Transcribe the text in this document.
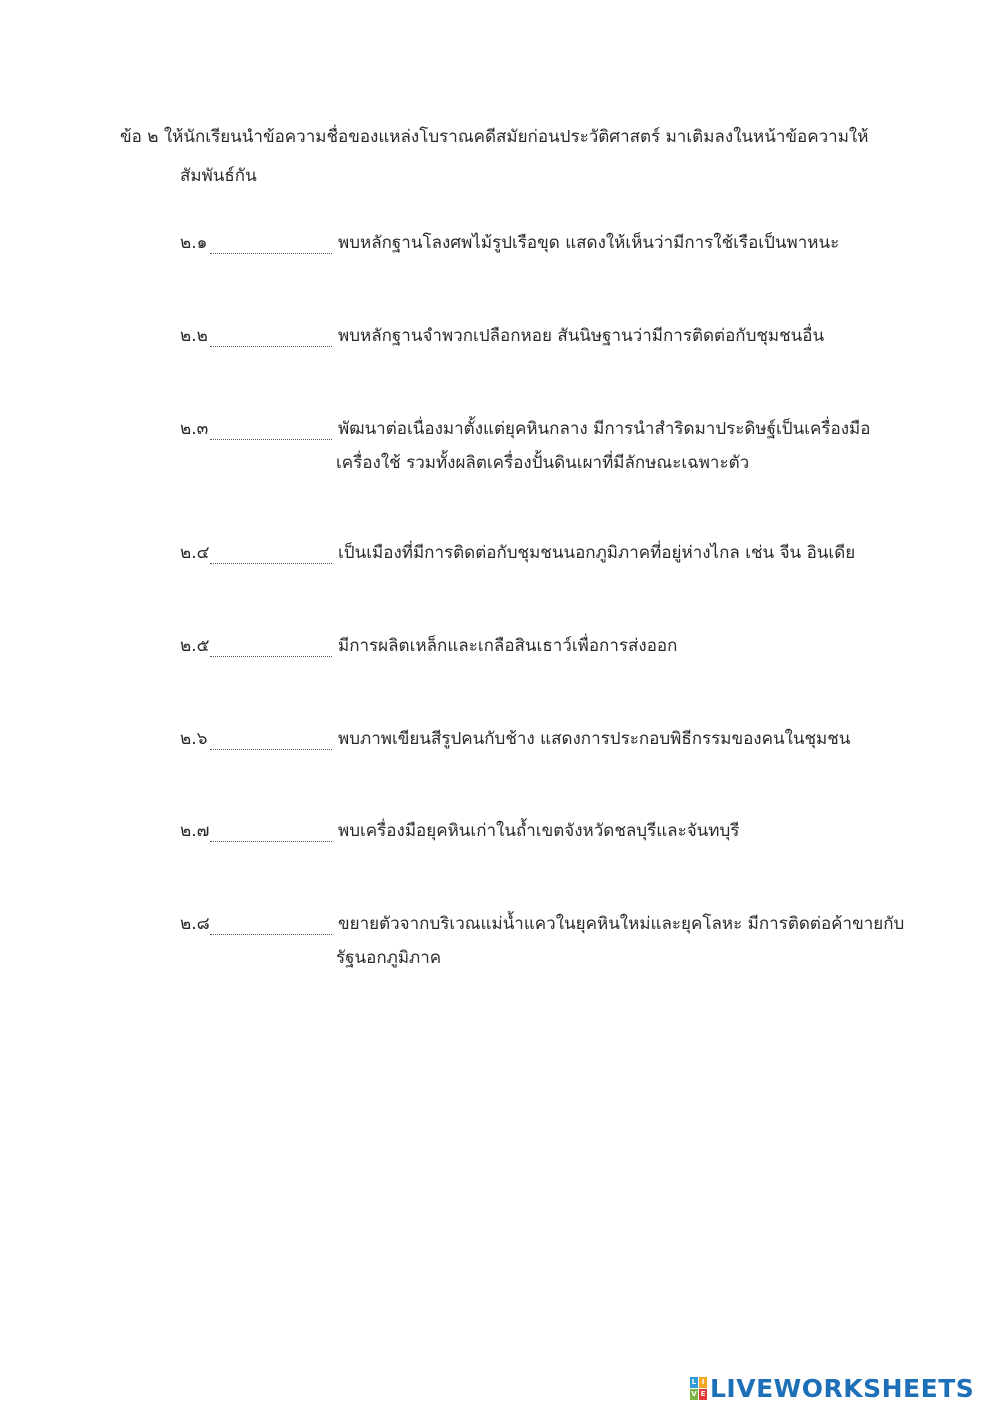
ข้อ ๒ ให้นักเรียนนำข้อความชื่อของแหล่งโบราณคดีสมัยก่อนประวัติศาสตร์ มาเติมลงในหน้าข้อความให้
สัมพันธ์กัน
๒.๑	พบหลักฐานโลงศพไม้รูปเรือขุด แสดงให้เห็นว่ามีการใช้เรือเป็นพาหนะ
๒.๒	พบหลักฐานจำพวกเปลือกหอย สันนิษฐานว่ามีการติดต่อกับชุมชนอื่น
๒.๓	พัฒนาต่อเนื่องมาตั้งแต่ยุคหินกลาง มีการนำสำริดมาประดิษฐ์เป็นเครื่องมือ
เครื่องใช้ รวมทั้งผลิตเครื่องปั้นดินเผาที่มีลักษณะเฉพาะตัว
๒.๔	เป็นเมืองที่มีการติดต่อกับชุมชนนอกภูมิภาคที่อยู่ห่างไกล เช่น จีน อินเดีย
๒.๕	มีการผลิตเหล็กและเกลือสินเธาว์เพื่อการส่งออก
๒.๖	พบภาพเขียนสีรูปคนกับช้าง แสดงการประกอบพิธีกรรมของคนในชุมชน
๒.๗	พบเครื่องมือยุคหินเก่าในถ้ำเขตจังหวัดชลบุรีและจันทบุรี
๒.๘	ขยายตัวจากบริเวณแม่น้ำแควในยุคหินใหม่และยุคโลหะ มีการติดต่อค้าขายกับ
รัฐนอกภูมิภาค
L I
V E LIVEWORKSHEETS
